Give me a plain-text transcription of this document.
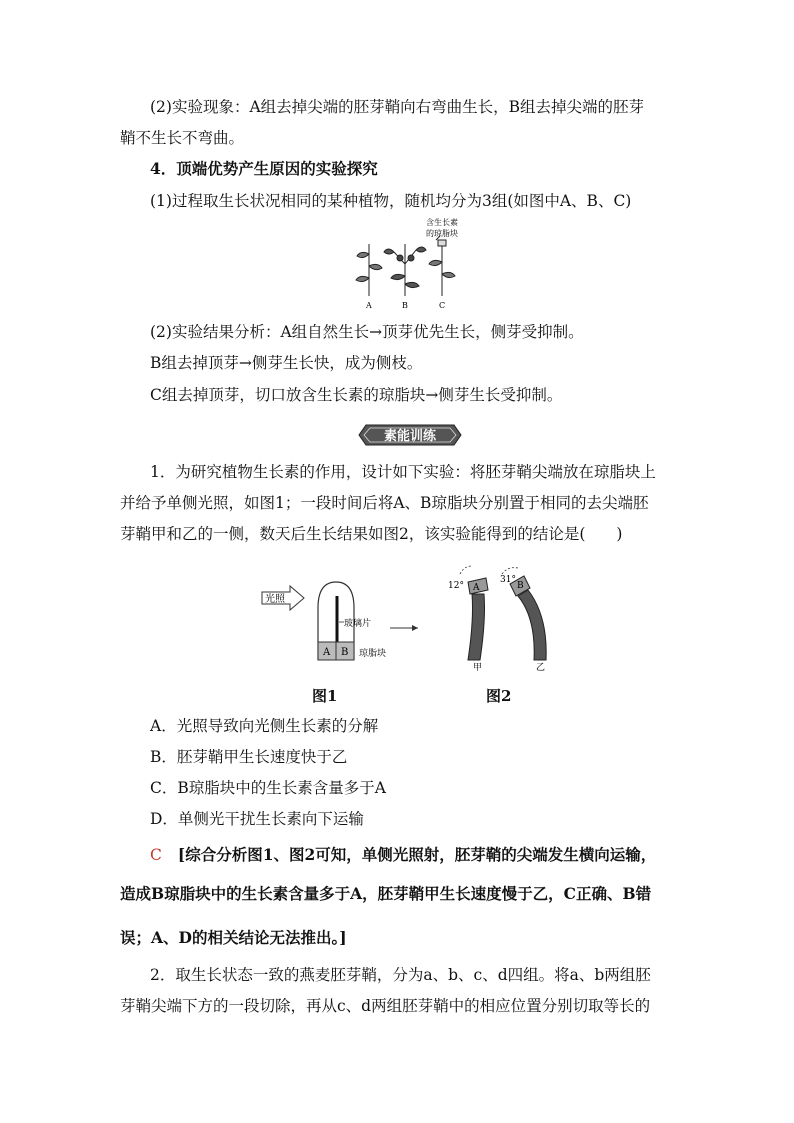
(2)实验现象：A组去掉尖端的胚芽鞘向右弯曲生长，B组去掉尖端的胚芽
鞘不生长不弯曲。
4．顶端优势产生原因的实验探究
(1)过程取生长状况相同的某种植物，随机均分为3组(如图中A、B、C)
含生长素
的琼脂块
A	B	C
(2)实验结果分析：A组自然生长→顶芽优先生长，侧芽受抑制。
B组去掉顶芽→侧芽生长快，成为侧枝。
C组去掉顶芽，切口放含生长素的琼脂块→侧芽生长受抑制。
素能训练
1．为研究植物生长素的作用，设计如下实验：将胚芽鞘尖端放在琼脂块上
并给予单侧光照，如图1；一段时间后将A、B琼脂块分别置于相同的去尖端胚
芽鞘甲和乙的一侧，数天后生长结果如图2，该实验能得到的结论是(　　)
光照
玻璃片
A B 琼脂块
A
12°
甲
B
31°
乙
图1	图2
A．光照导致向光侧生长素的分解
B．胚芽鞘甲生长速度快于乙
C．B琼脂块中的生长素含量多于A
D．单侧光干扰生长素向下运输
C [综合分析图1、图2可知，单侧光照射，胚芽鞘的尖端发生横向运输，
造成B琼脂块中的生长素含量多于A，胚芽鞘甲生长速度慢于乙，C正确、B错
误；A、D的相关结论无法推出。]
2．取生长状态一致的燕麦胚芽鞘，分为a、b、c、d四组。将a、b两组胚
芽鞘尖端下方的一段切除，再从c、d两组胚芽鞘中的相应位置分别切取等长的
